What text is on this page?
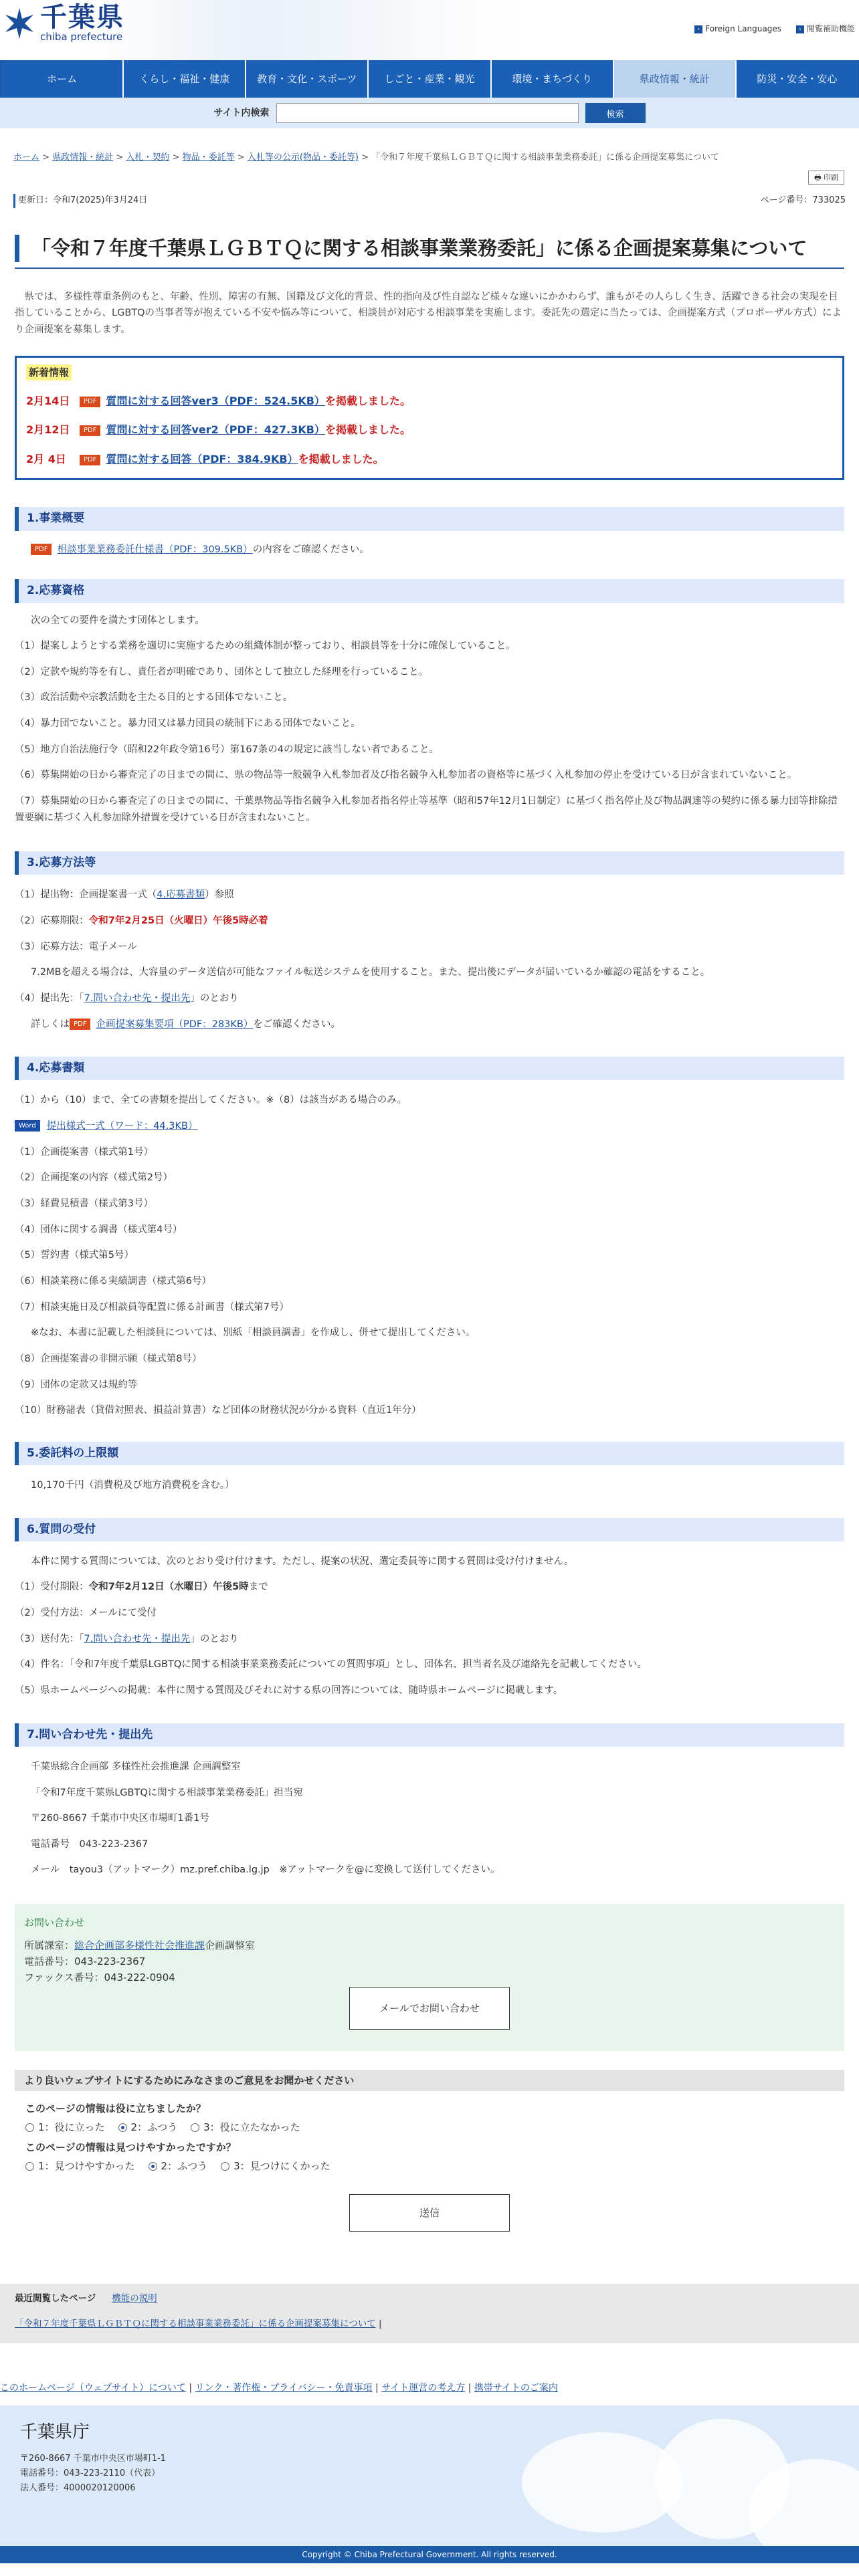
千葉県
chiba prefecture
› Foreign Languages	› 閲覧補助機能
ホーム	くらし・福祉・健康	教育・文化・スポーツ	しごと・産業・観光	環境・まちづくり	県政情報・統計	防災・安全・安心
サイト内検索	検索
ホーム > 県政情報・統計 > 入札・契約 > 物品・委託等 > 入札等の公示(物品・委託等) > 「令和７年度千葉県ＬＧＢＴＱに関する相談事業業務委託」に係る企画提案募集について
🖶 印刷
更新日：令和7(2025)年3月24日	ページ番号：733025
「令和７年度千葉県ＬＧＢＴＱに関する相談事業業務委託」に係る企画提案募集について

県では、多様性尊重条例のもと、年齢、性別、障害の有無、国籍及び文化的背景、性的指向及び性自認など様々な違いにかかわらず、誰もがその人らしく生き、活躍できる社会の実現を目指していることから、LGBTQの当事者等が抱えている不安や悩み等について、相談員が対応する相談事業を実施します。委託先の選定に当たっては、企画提案方式（プロポーザル方式）により企画提案を募集します。

新着情報
2月14日 PDF 質問に対する回答ver3（PDF：524.5KB）を掲載しました。
2月12日 PDF 質問に対する回答ver2（PDF：427.3KB）を掲載しました。
2月 4日	PDF 質問に対する回答（PDF：384.9KB）を掲載しました。
1.事業概要

PDF 相談事業業務委託仕様書（PDF：309.5KB）の内容をご確認ください。

2.応募資格

次の全ての要件を満たす団体とします。

（1）提案しようとする業務を適切に実施するための組織体制が整っており、相談員等を十分に確保していること。

（2）定款や規約等を有し、責任者が明確であり、団体として独立した経理を行っていること。

（3）政治活動や宗教活動を主たる目的とする団体でないこと。

（4）暴力団でないこと。暴力団又は暴力団員の統制下にある団体でないこと。

（5）地方自治法施行令（昭和22年政令第16号）第167条の4の規定に該当しない者であること。

（6）募集開始の日から審査完了の日までの間に、県の物品等一般競争入札参加者及び指名競争入札参加者の資格等に基づく入札参加の停止を受けている日が含まれていないこと。

（7）募集開始の日から審査完了の日までの間に、千葉県物品等指名競争入札参加者指名停止等基準（昭和57年12月1日制定）に基づく指名停止及び物品調達等の契約に係る暴力団等排除措置要綱に基づく入札参加除外措置を受けている日が含まれないこと。

3.応募方法等

（1）提出物：企画提案書一式（4.応募書類）参照

（2）応募期限：令和7年2月25日（火曜日）午後5時必着

（3）応募方法：電子メール

7.2MBを超える場合は、大容量のデータ送信が可能なファイル転送システムを使用すること。また、提出後にデータが届いているか確認の電話をすること。

（4）提出先：「7.問い合わせ先・提出先」のとおり

詳しくは PDF 企画提案募集要項（PDF：283KB）をご確認ください。

4.応募書類

（1）から（10）まで、全ての書類を提出してください。※（8）は該当がある場合のみ。

Word 提出様式一式（ワード：44.3KB）

（1）企画提案書（様式第1号）

（2）企画提案の内容（様式第2号）

（3）経費見積書（様式第3号）

（4）団体に関する調書（様式第4号）

（5）誓約書（様式第5号）

（6）相談業務に係る実績調書（様式第6号）

（7）相談実施日及び相談員等配置に係る計画書（様式第7号）

※なお、本書に記載した相談員については、別紙「相談員調書」を作成し、併せて提出してください。

（8）企画提案書の非開示願（様式第8号）

（9）団体の定款又は規約等

（10）財務諸表（貸借対照表、損益計算書）など団体の財務状況が分かる資料（直近1年分）

5.委託料の上限額

10,170千円（消費税及び地方消費税を含む。）

6.質問の受付

本件に関する質問については、次のとおり受け付けます。ただし、提案の状況、選定委員等に関する質問は受け付けません。

（1）受付期限：令和7年2月12日（水曜日）午後5時まで

（2）受付方法：メールにて受付

（3）送付先：「7.問い合わせ先・提出先」のとおり

（4）件名：「令和7年度千葉県LGBTQに関する相談事業業務委託についての質問事項」とし、団体名、担当者名及び連絡先を記載してください。

（5）県ホームページへの掲載：本件に関する質問及びそれに対する県の回答については、随時県ホームページに掲載します。

7.問い合わせ先・提出先

千葉県総合企画部 多様性社会推進課 企画調整室

「令和7年度千葉県LGBTQに関する相談事業業務委託」担当宛

〒260-8667 千葉市中央区市場町1番1号

電話番号　043-223-2367

メール　tayou3（アットマーク）mz.pref.chiba.lg.jp　※アットマークを@に変換して送付してください。

お問い合わせ
所属課室：総合企画部多様性社会推進課企画調整室
電話番号：043-223-2367
ファックス番号：043-222-0904
メールでお問い合わせ
より良いウェブサイトにするためにみなさまのご意見をお聞かせください
このページの情報は役に立ちましたか？
1：役に立った	2：ふつう	3：役に立たなかった
このページの情報は見つけやすかったですか？
1：見つけやすかった	2：ふつう	3：見つけにくかった
送信
最近閲覧したページ 機能の説明
「令和７年度千葉県ＬＧＢＴＱに関する相談事業業務委託」に係る企画提案募集について |
このホームページ（ウェブサイト）について | リンク・著作権・プライバシー・免責事項 | サイト運営の考え方 | 携帯サイトのご案内
千葉県庁
〒260-8667 千葉市中央区市場町1-1
電話番号：043-223-2110（代表）
法人番号：4000020120006
Copyright © Chiba Prefectural Government. All rights reserved.
